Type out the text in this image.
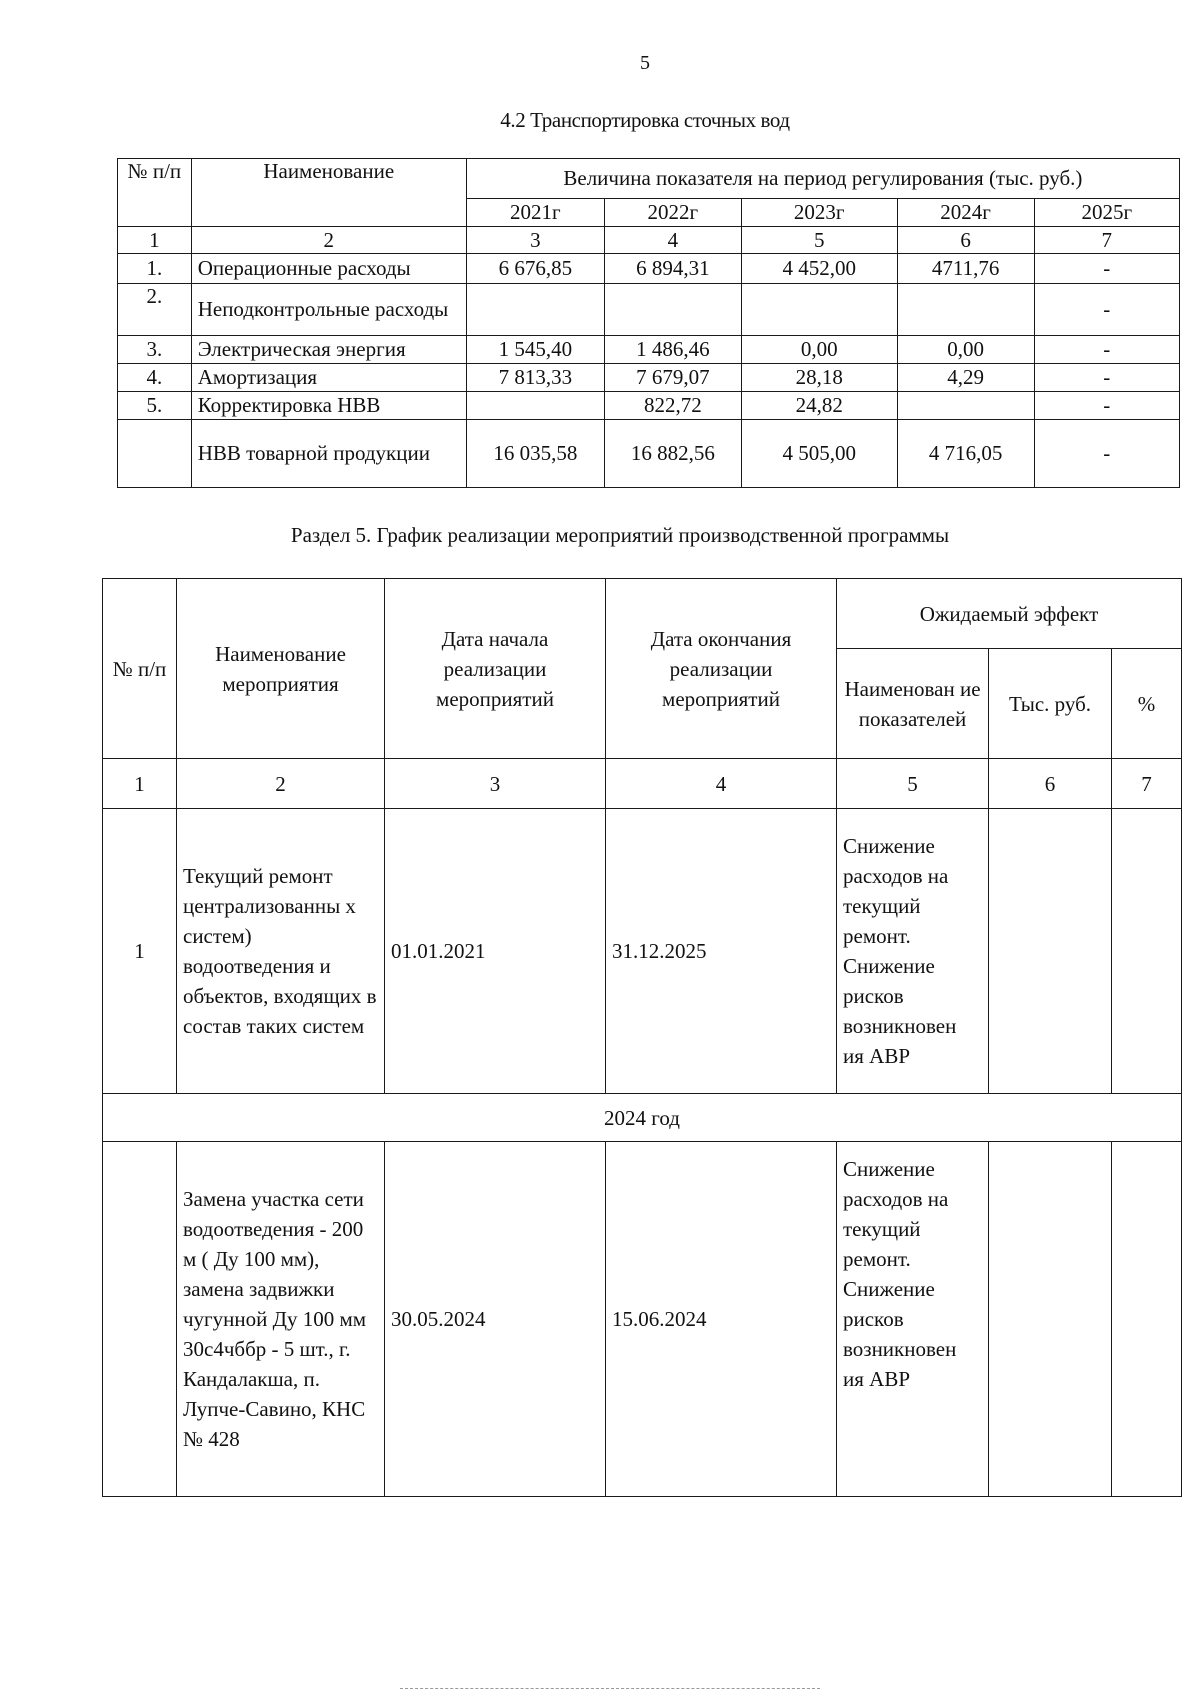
5
4.2 Транспортировка сточных вод
№ п/п	Наименование	Величина показателя на период регулирования (тыс. руб.)				
		2021г	2022г	2023г	2024г	2025г
1	2	3	4	5	6	7
1.	Операционные расходы	6 676,85	6 894,31	4 452,00	4711,76	-
2.	Неподконтрольные расходы					-
3.	Электрическая энергия	1 545,40	1 486,46	0,00	0,00	-
4.	Амортизация	7 813,33	7 679,07	28,18	4,29	-
5.	Корректировка НВВ		822,72	24,82		-
	НВВ товарной продукции	16 035,58	16 882,56	4 505,00	4 716,05	-
Раздел 5. График реализации мероприятий производственной программы
№ п/п	Наименование мероприятия	Дата начала реализации мероприятий	Дата окончания реализации мероприятий	Ожидаемый эффект		
				Наименован ие показателей	Тыс. руб.	%
1	2	3	4	5	6	7
1	Текущий ремонт централизованны х систем) водоотведения и объектов, входящих в состав таких систем	01.01.2021	31.12.2025	Снижение расходов на текущий ремонт. Снижение рисков возникновен ия АВР		
2024 год						
	Замена участка сети водоотведения - 200 м ( Ду 100 мм), замена задвижки чугунной Ду 100 мм 30с4чббр - 5 шт., г. Кандалакша, п. Лупче-Савино, КНС № 428	30.05.2024	15.06.2024	Снижение расходов на текущий ремонт. Снижение рисков возникновен ия АВР		
